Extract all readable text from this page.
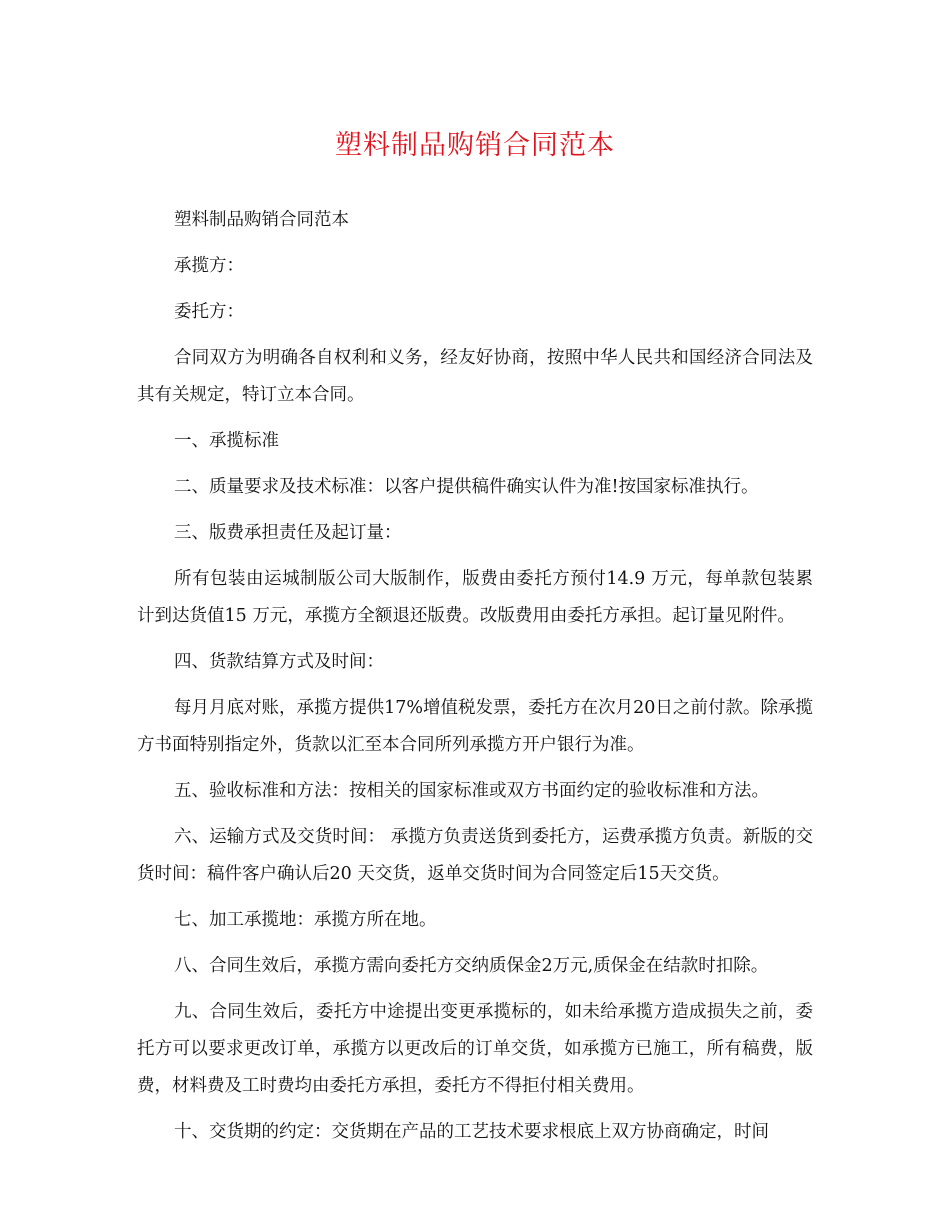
塑料制品购销合同范本

塑料制品购销合同范本

承揽方：

委托方：

合同双方为明确各自权利和义务，经友好协商，按照中华人民共和国经济合同法及其有关规定，特订立本合同。

一、承揽标准

二、质量要求及技术标准：以客户提供稿件确实认件为准!按国家标准执行。

三、版费承担责任及起订量：

所有包装由运城制版公司大版制作，版费由委托方预付14.9 万元，每单款包装累计到达货值15 万元，承揽方全额退还版费。改版费用由委托方承担。起订量见附件。

四、货款结算方式及时间：

每月月底对账，承揽方提供17%增值税发票，委托方在次月20日之前付款。除承揽方书面特别指定外，货款以汇至本合同所列承揽方开户银行为准。

五、验收标准和方法：按相关的国家标准或双方书面约定的验收标准和方法。

六、运输方式及交货时间： 承揽方负责送货到委托方，运费承揽方负责。新版的交货时间：稿件客户确认后20 天交货，返单交货时间为合同签定后15天交货。

七、加工承揽地：承揽方所在地。

八、合同生效后，承揽方需向委托方交纳质保金2万元,质保金在结款时扣除。

九、合同生效后，委托方中途提出变更承揽标的，如未给承揽方造成损失之前，委托方可以要求更改订单，承揽方以更改后的订单交货，如承揽方已施工，所有稿费，版费，材料费及工时费均由委托方承担，委托方不得拒付相关费用。

十、交货期的约定：交货期在产品的工艺技术要求根底上双方协商确定，时间
